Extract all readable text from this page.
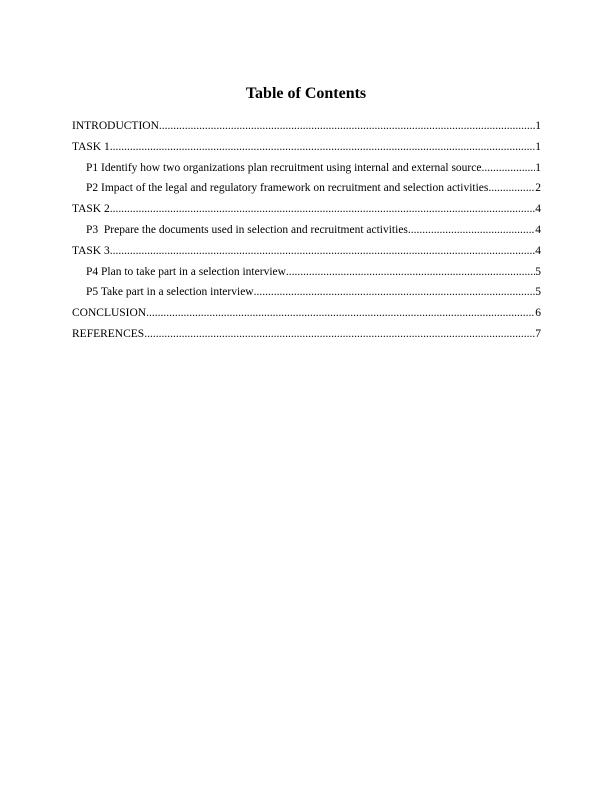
Table of Contents
INTRODUCTION .....	1
TASK 1 .....	1
P1 Identify how two organizations plan recruitment using internal and external source .....	1
P2 Impact of the legal and regulatory framework on recruitment and selection activities .....	2
TASK 2 .....	4
P3  Prepare the documents used in selection and recruitment activities .....	4
TASK 3 .....	4
P4 Plan to take part in a selection interview .....	5
P5 Take part in a selection interview .....	5
CONCLUSION .....	6
REFERENCES .....	7
